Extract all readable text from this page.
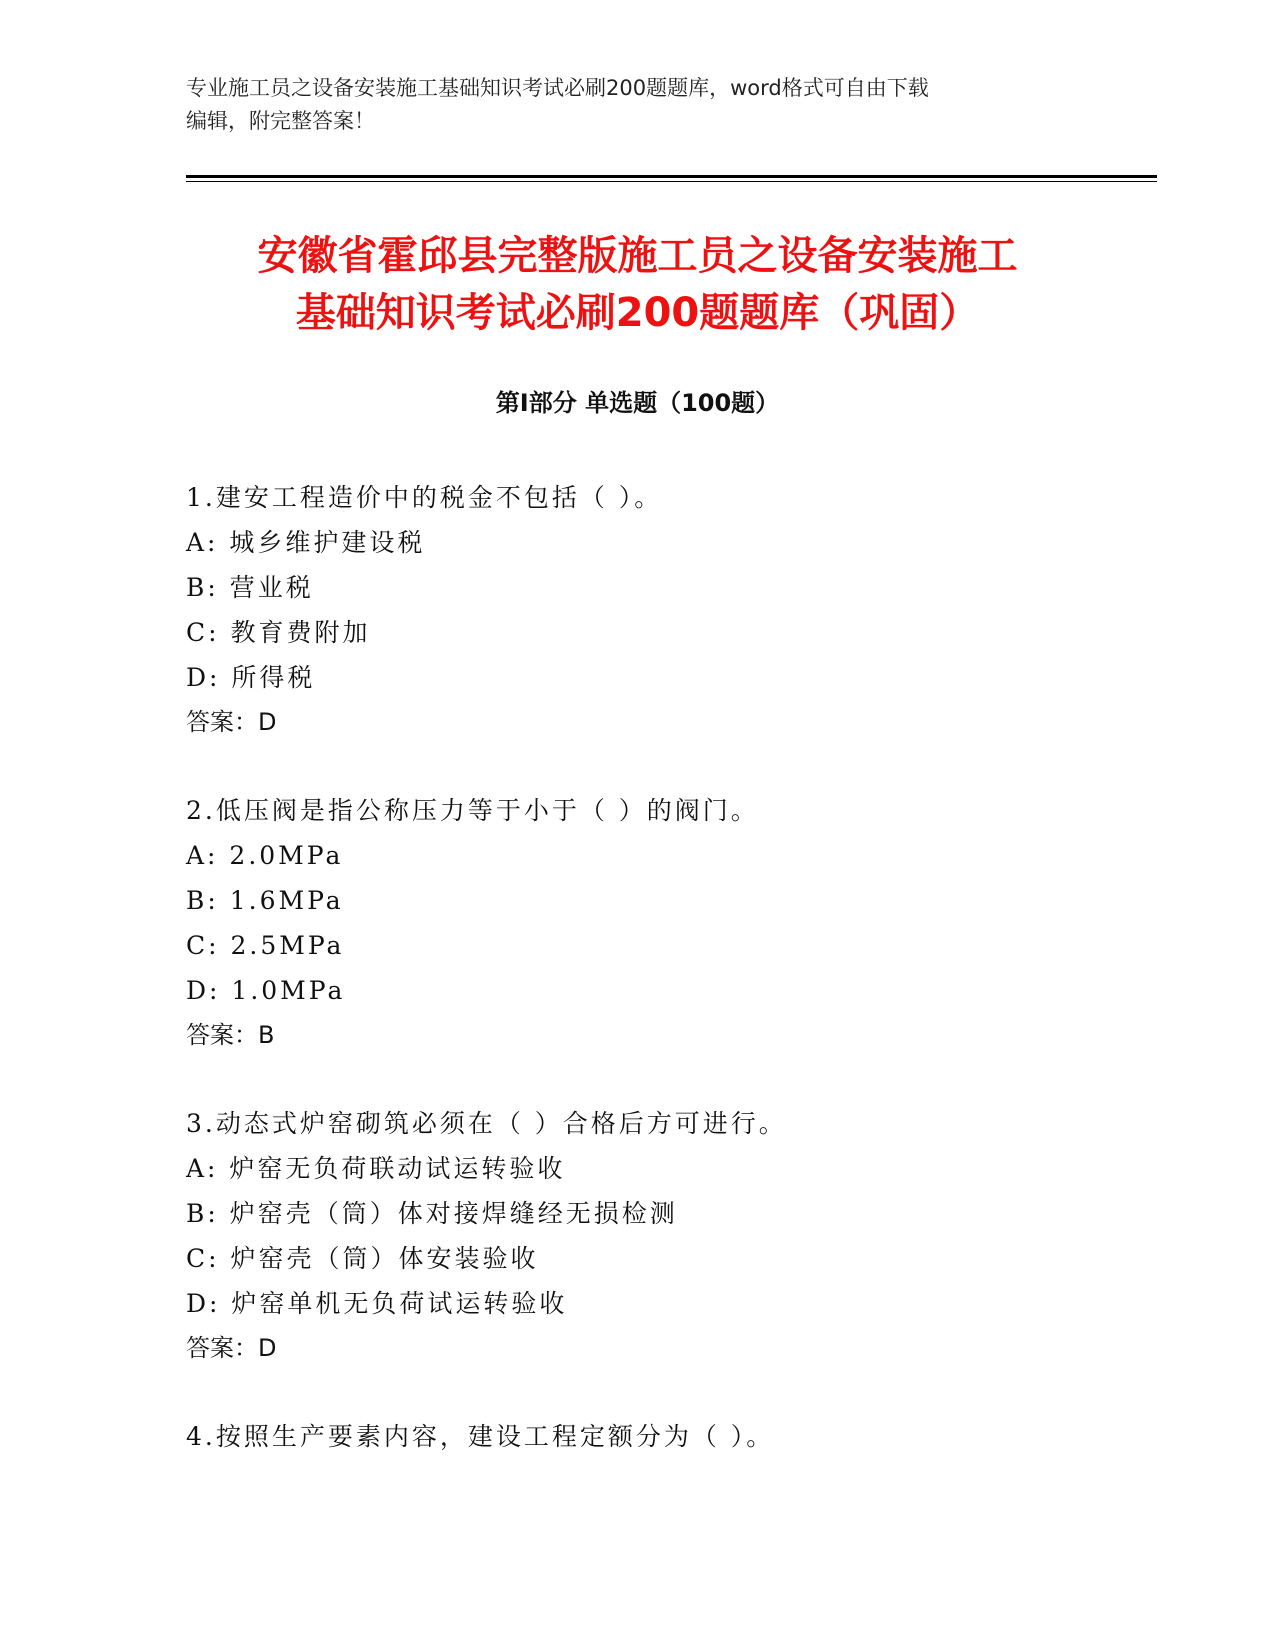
专业施工员之设备安装施工基础知识考试必刷200题题库，word格式可自由下载
编辑，附完整答案！
安徽省霍邱县完整版施工员之设备安装施工
基础知识考试必刷200题题库（巩固）
第Ⅰ部分 单选题（100题）
1.建安工程造价中的税金不包括（ ）。
A: 城乡维护建设税
B: 营业税
C: 教育费附加
D: 所得税
答案：D
2.低压阀是指公称压力等于小于（ ）的阀门。
A: 2.0MPa
B: 1.6MPa
C: 2.5MPa
D: 1.0MPa
答案：B
3.动态式炉窑砌筑必须在（ ）合格后方可进行。
A: 炉窑无负荷联动试运转验收
B: 炉窑壳（筒）体对接焊缝经无损检测
C: 炉窑壳（筒）体安装验收
D: 炉窑单机无负荷试运转验收
答案：D
4.按照生产要素内容，建设工程定额分为（ ）。
